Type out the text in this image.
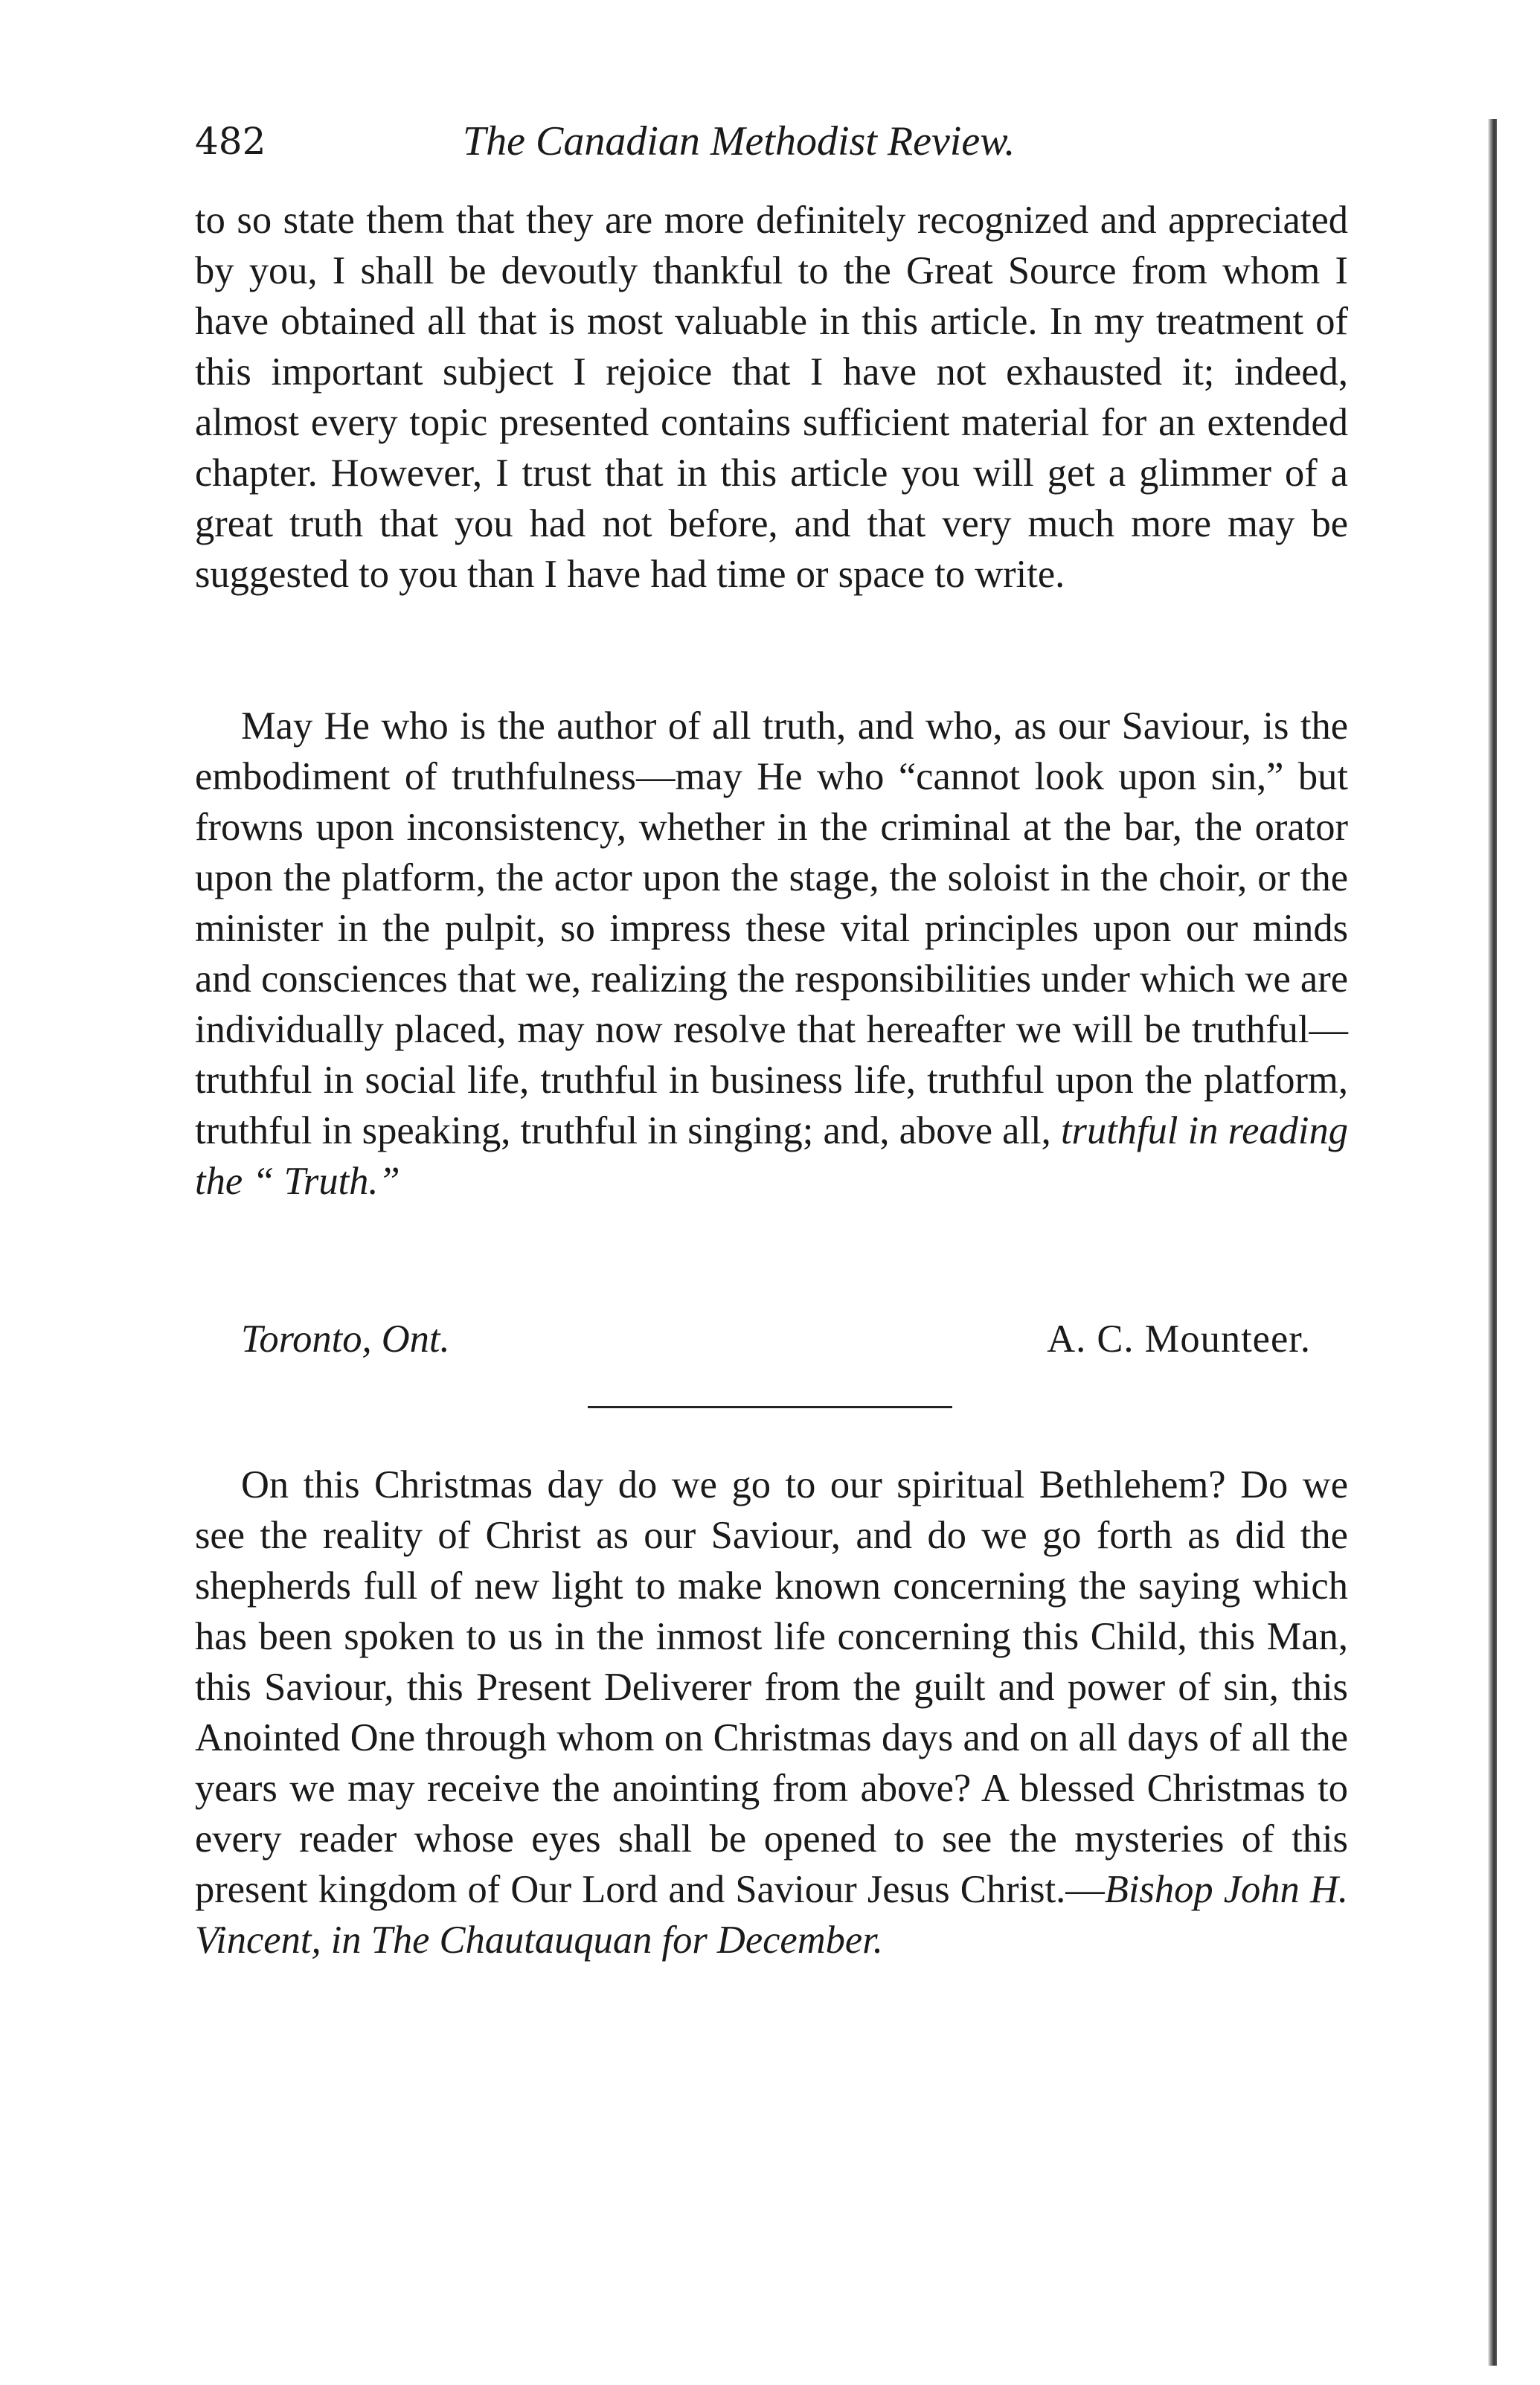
482	The Canadian Methodist Review.

to so state them that they are more definitely recognized and appreciated by you, I shall be devoutly thankful to the Great Source from whom I have obtained all that is most valuable in this article. In my treatment of this important subject I rejoice that I have not exhausted it; indeed, almost every topic presented contains sufficient material for an extended chapter. However, I trust that in this article you will get a glimmer of a great truth that you had not before, and that very much more may be suggested to you than I have had time or space to write.

May He who is the author of all truth, and who, as our Saviour, is the embodiment of truthfulness—may He who “cannot look upon sin,” but frowns upon inconsistency, whether in the criminal at the bar, the orator upon the platform, the actor upon the stage, the soloist in the choir, or the minister in the pulpit, so impress these vital principles upon our minds and consciences that we, realizing the responsibilities under which we are individually placed, may now resolve that hereafter we will be truthful—truthful in social life, truthful in business life, truthful upon the platform, truthful in speaking, truthful in singing; and, above all, truthful in reading the “ Truth.”

Toronto, Ont.	A. C. Mounteer.

On this Christmas day do we go to our spiritual Bethlehem? Do we see the reality of Christ as our Saviour, and do we go forth as did the shepherds full of new light to make known concerning the saying which has been spoken to us in the inmost life concerning this Child, this Man, this Saviour, this Present Deliverer from the guilt and power of sin, this Anointed One through whom on Christmas days and on all days of all the years we may receive the anointing from above? A blessed Christmas to every reader whose eyes shall be opened to see the mysteries of this present kingdom of Our Lord and Saviour Jesus Christ.—Bishop John H. Vincent, in The Chautauquan for December.
